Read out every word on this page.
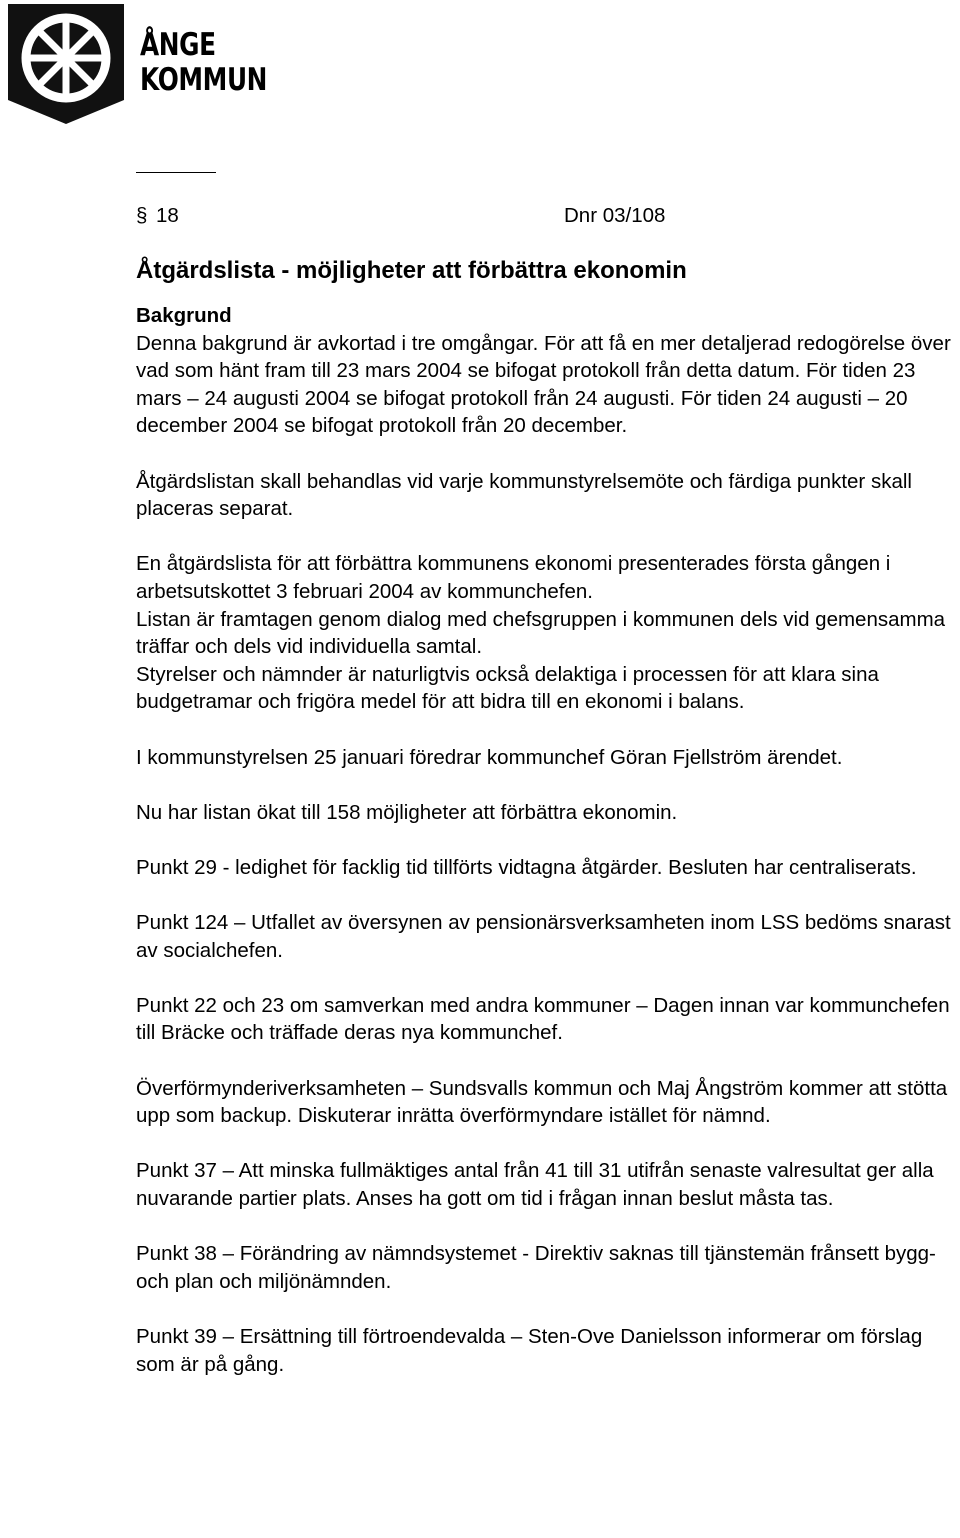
ÅNGE
KOMMUN
§ 18	Dnr 03/108
Åtgärdslista - möjligheter att förbättra ekonomin
Bakgrund

Denna bakgrund är avkortad i tre omgångar. För att få en mer detaljerad redogörelse över vad som hänt fram till 23 mars 2004 se bifogat protokoll från detta datum. För tiden 23 mars – 24 augusti 2004 se bifogat protokoll från 24 augusti. För tiden 24 augusti – 20 december 2004 se bifogat protokoll från 20 december.

Åtgärdslistan skall behandlas vid varje kommunstyrelsemöte och färdiga punkter skall placeras separat.

En åtgärdslista för att förbättra kommunens ekonomi presenterades första gången i arbetsutskottet 3 februari 2004 av kommunchefen.

Listan är framtagen genom dialog med chefsgruppen i kommunen dels vid gemensamma träffar och dels vid individuella samtal.

Styrelser och nämnder är naturligtvis också delaktiga i processen för att klara sina budgetramar och frigöra medel för att bidra till en ekonomi i balans.

I kommunstyrelsen 25 januari föredrar kommunchef Göran Fjellström ärendet.

Nu har listan ökat till 158 möjligheter att förbättra ekonomin.

Punkt 29 - ledighet för facklig tid tillförts vidtagna åtgärder. Besluten har centraliserats.

Punkt 124 – Utfallet av översynen av pensionärsverksamheten inom LSS bedöms snarast av socialchefen.

Punkt 22 och 23 om samverkan med andra kommuner – Dagen innan var kommunchefen till Bräcke och träffade deras nya kommunchef.

Överförmynderiverksamheten – Sundsvalls kommun och Maj Ångström kommer att stötta upp som backup. Diskuterar inrätta överförmyndare istället för nämnd.

Punkt 37 – Att minska fullmäktiges antal från 41 till 31 utifrån senaste valresultat ger alla nuvarande partier plats. Anses ha gott om tid i frågan innan beslut måsta tas.

Punkt 38 – Förändring av nämndsystemet - Direktiv saknas till tjänstemän frånsett bygg- och plan och miljönämnden.

Punkt 39 – Ersättning till förtroendevalda – Sten-Ove Danielsson informerar om förslag som är på gång.
